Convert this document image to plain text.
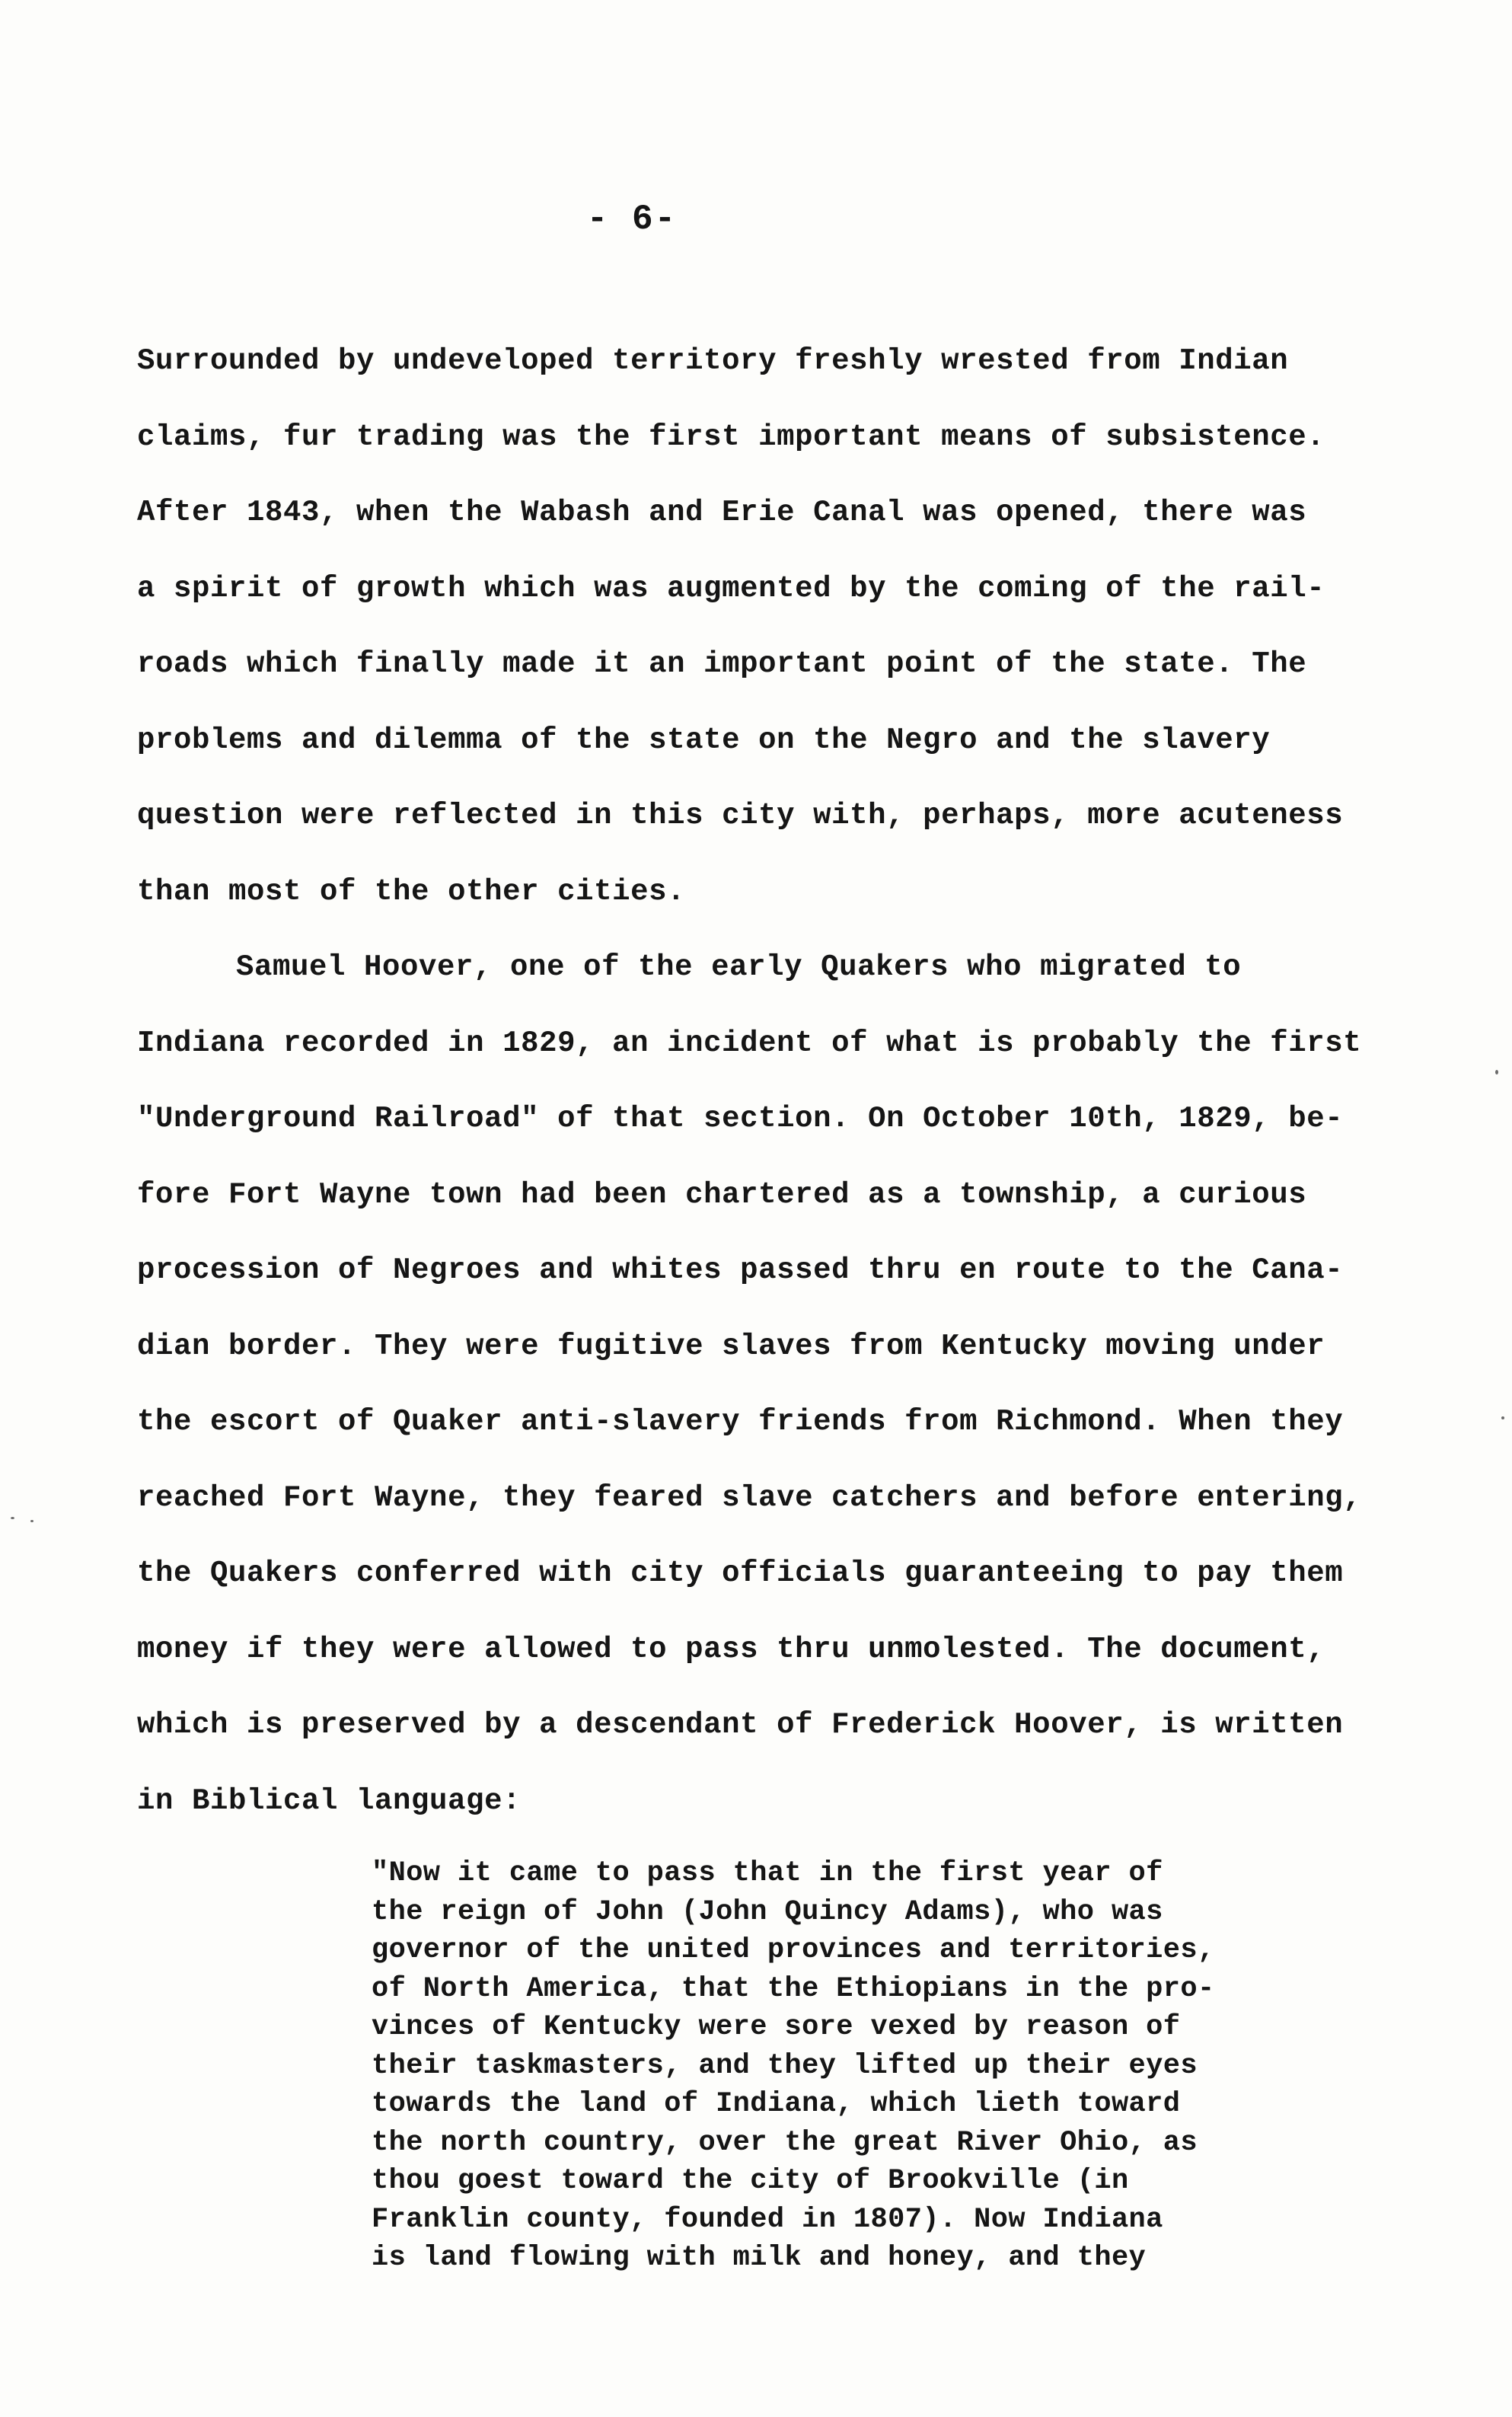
- 6-
Surrounded by undeveloped territory freshly wrested from Indian
claims, fur trading was the first important means of subsistence.
After 1843, when the Wabash and Erie Canal was opened, there was
a spirit of growth which was augmented by the coming of the rail-
roads which finally made it an important point of the state. The
problems and dilemma of the state on the Negro and the slavery
question were reflected in this city with, perhaps, more acuteness
than most of the other cities.
Samuel Hoover, one of the early Quakers who migrated to
Indiana recorded in 1829, an incident of what is probably the first
"Underground Railroad" of that section. On October 10th, 1829, be-
fore Fort Wayne town had been chartered as a township, a curious
procession of Negroes and whites passed thru en route to the Cana-
dian border. They were fugitive slaves from Kentucky moving under
the escort of Quaker anti-slavery friends from Richmond. When they
reached Fort Wayne, they feared slave catchers and before entering,
the Quakers conferred with city officials guaranteeing to pay them
money if they were allowed to pass thru unmolested. The document,
which is preserved by a descendant of Frederick Hoover, is written
in Biblical language:
"Now it came to pass that in the first year of
the reign of John (John Quincy Adams), who was
governor of the united provinces and territories,
of North America, that the Ethiopians in the pro-
vinces of Kentucky were sore vexed by reason of
their taskmasters, and they lifted up their eyes
towards the land of Indiana, which lieth toward
the north country, over the great River Ohio, as
thou goest toward the city of Brookville (in
Franklin county, founded in 1807). Now Indiana
is land flowing with milk and honey, and they
